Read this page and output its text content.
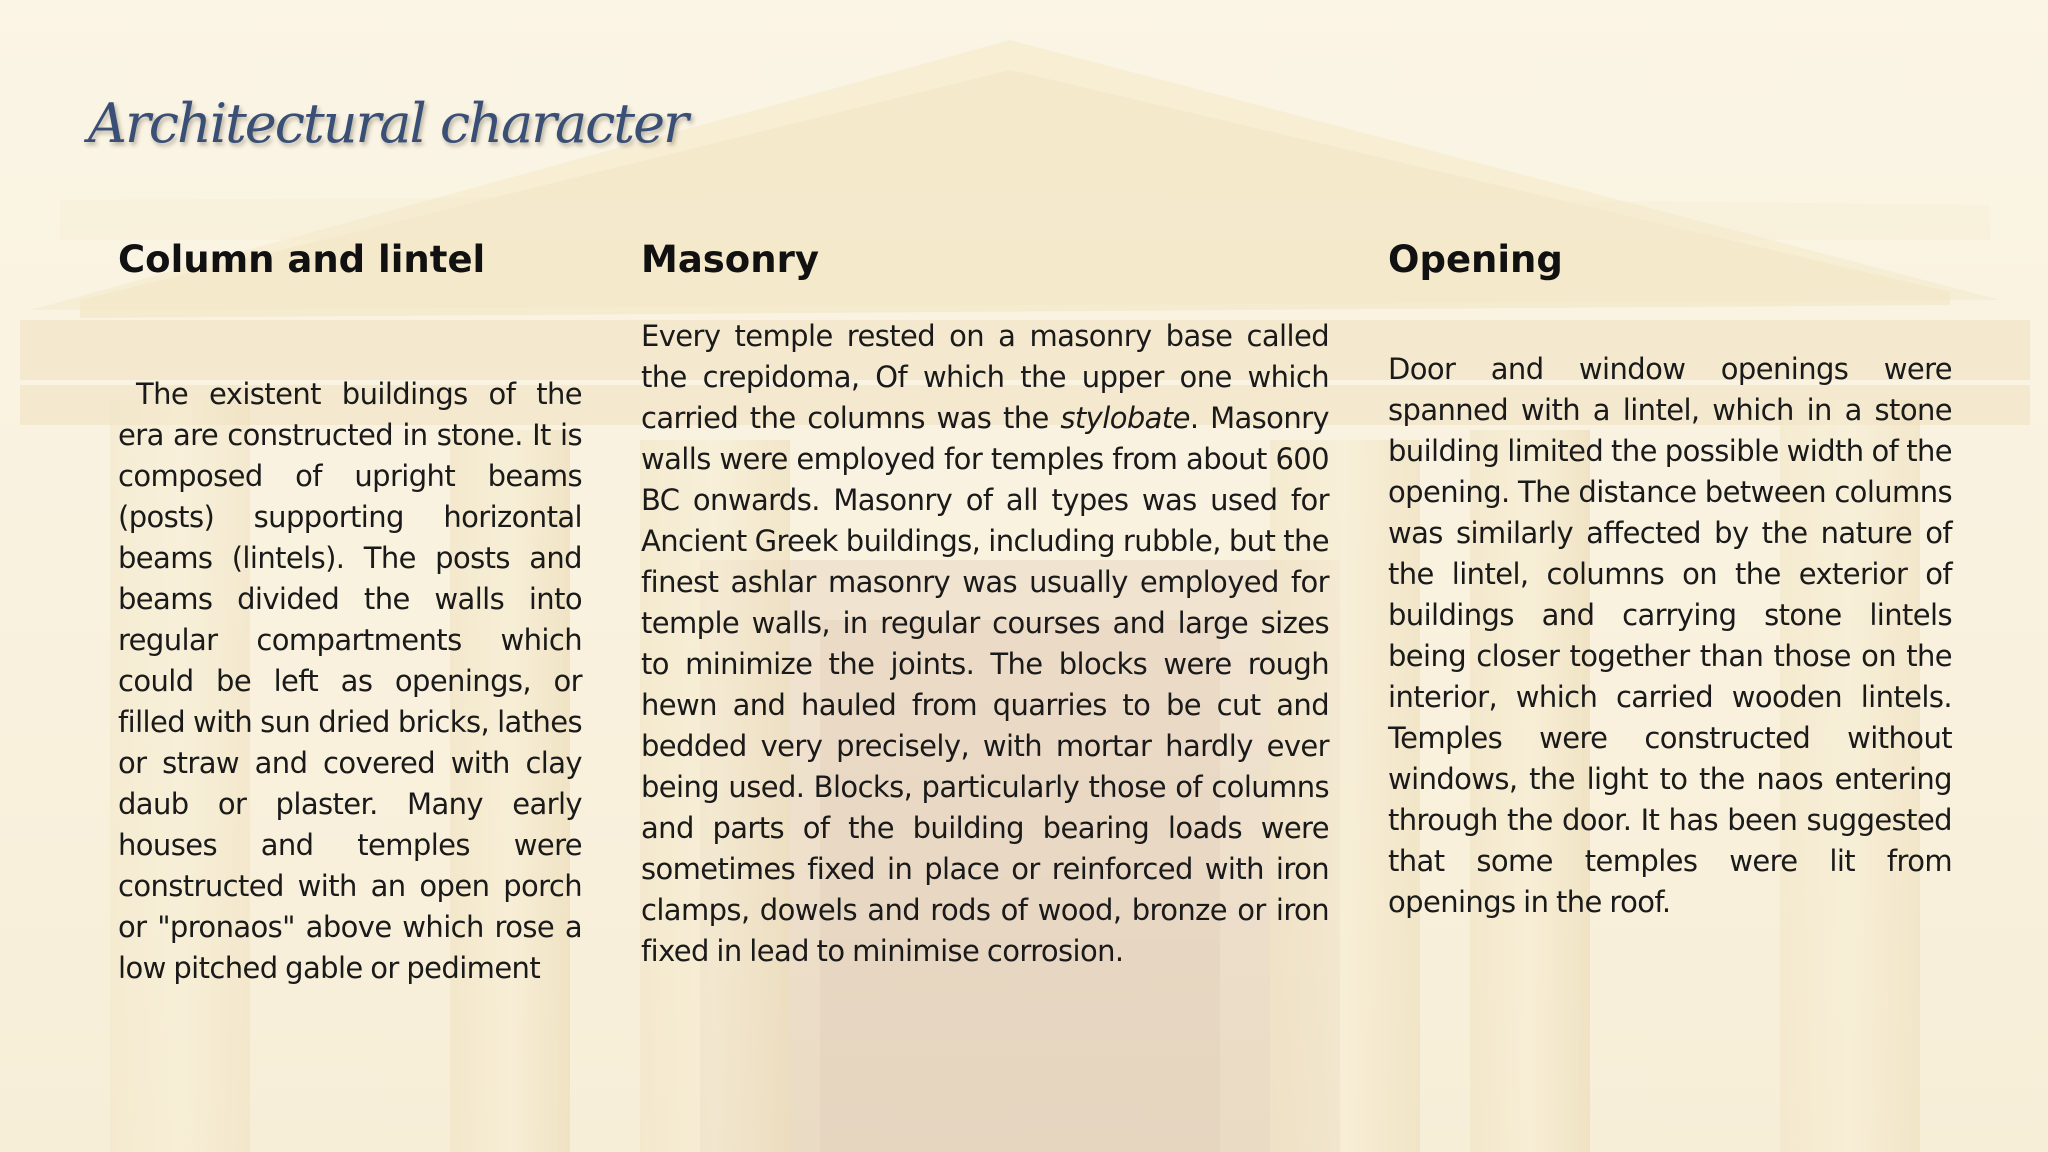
Architectural character
Column and lintel

The existent buildings of the era are constructed in stone. It is composed of upright beams (posts) supporting horizontal beams (lintels). The posts and beams divided the walls into regular compartments which could be left as openings, or filled with sun dried bricks, lathes or straw and covered with clay daub or plaster. Many early houses and temples were constructed with an open porch or "pronaos" above which rose a low pitched gable or pediment

Masonry

Every temple rested on a masonry base called the crepidoma, Of which the upper one which carried the columns was the stylobate. Masonry walls were employed for temples from about 600 BC onwards. Masonry of all types was used for Ancient Greek buildings, including rubble, but the finest ashlar masonry was usually employed for temple walls, in regular courses and large sizes to minimize the joints. The blocks were rough hewn and hauled from quarries to be cut and bedded very precisely, with mortar hardly ever being used. Blocks, particularly those of columns and parts of the building bearing loads were sometimes fixed in place or reinforced with iron clamps, dowels and rods of wood, bronze or iron fixed in lead to minimise corrosion.

Opening

Door and window openings were spanned with a lintel, which in a stone building limited the possible width of the opening. The distance between columns was similarly affected by the nature of the lintel, columns on the exterior of buildings and carrying stone lintels being closer together than those on the interior, which carried wooden lintels. Temples were constructed without windows, the light to the naos entering through the door. It has been suggested that some temples were lit from openings in the roof.
